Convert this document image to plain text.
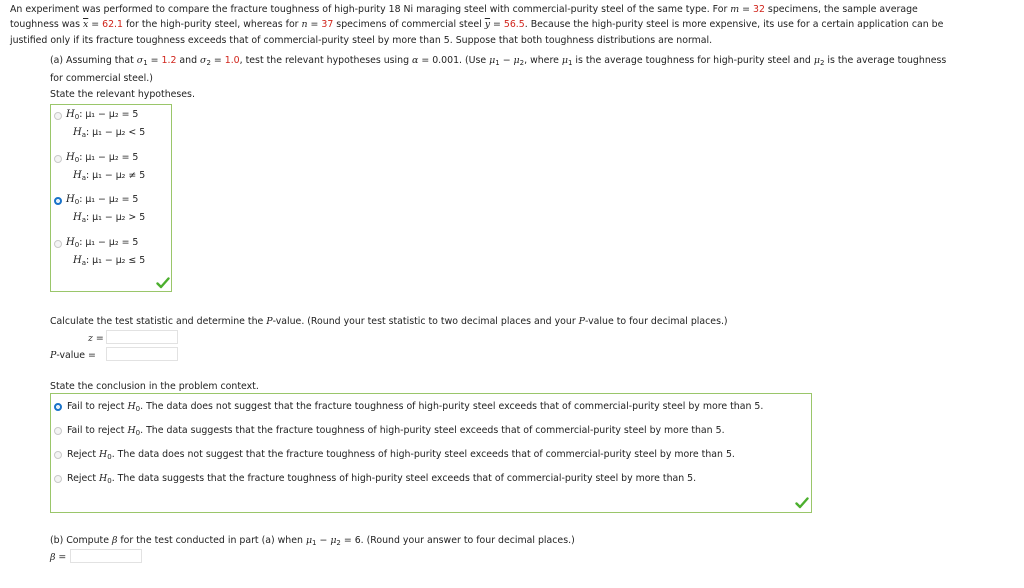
An experiment was performed to compare the fracture toughness of high-purity 18 Ni maraging steel with commercial-purity steel of the same type. For m = 32 specimens, the sample average
toughness was $\overline{x} = 62.1$ for the high-purity steel, whereas for n = 37 specimens of commercial steel $\overline{y} = 56.5$. Because the high-purity steel is more expensive, its use for a certain application can be
justified only if its fracture toughness exceeds that of commercial-purity steel by more than 5. Suppose that both toughness distributions are normal.
(a) Assuming that $\sigma_1 = 1.2$ and $\sigma_2 = 1.0$, test the relevant hypotheses using α = 0.001. (Use $\mu_1 - \mu_2$, where $\mu_1$ is the average toughness for high-purity steel and $\mu_2$ is the average toughness
for commercial steel.)
State the relevant hypotheses.
$H_0$: μ₁ − μ₂ = 5
$H_a$: μ₁ − μ₂ < 5
$H_0$: μ₁ − μ₂ = 5
$H_a$: μ₁ − μ₂ ≠ 5
$H_0$: μ₁ − μ₂ = 5
$H_a$: μ₁ − μ₂ > 5
$H_0$: μ₁ − μ₂ = 5
$H_a$: μ₁ − μ₂ ≤ 5
Calculate the test statistic and determine the P-value. (Round your test statistic to two decimal places and your P-value to four decimal places.)
z =
P-value =
State the conclusion in the problem context.
Fail to reject $H_0$. The data does not suggest that the fracture toughness of high-purity steel exceeds that of commercial-purity steel by more than 5.
Fail to reject $H_0$. The data suggests that the fracture toughness of high-purity steel exceeds that of commercial-purity steel by more than 5.
Reject $H_0$. The data does not suggest that the fracture toughness of high-purity steel exceeds that of commercial-purity steel by more than 5.
Reject $H_0$. The data suggests that the fracture toughness of high-purity steel exceeds that of commercial-purity steel by more than 5.
(b) Compute β for the test conducted in part (a) when $\mu_1 - \mu_2 = 6$. (Round your answer to four decimal places.)
β =
